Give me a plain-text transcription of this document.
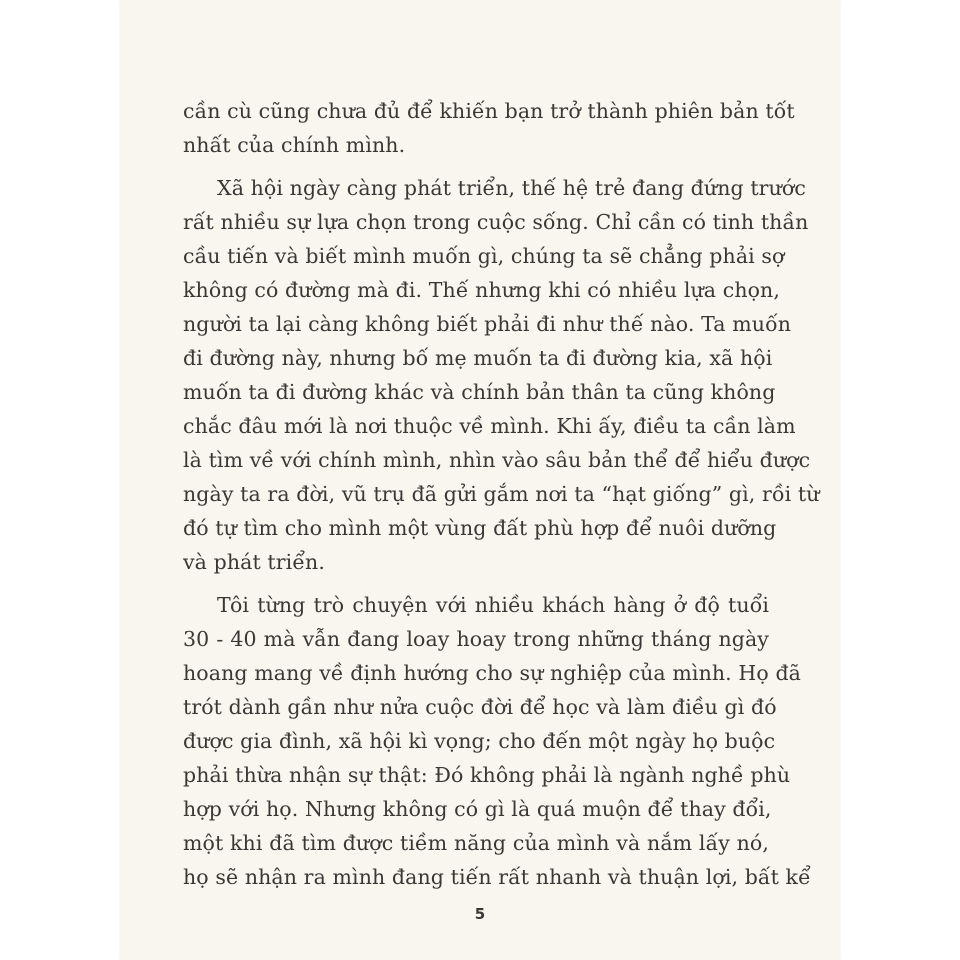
cần cù cũng chưa đủ để khiến bạn trở thành phiên bản tốt
nhất của chính mình.
Xã hội ngày càng phát triển, thế hệ trẻ đang đứng trước
rất nhiều sự lựa chọn trong cuộc sống. Chỉ cần có tinh thần
cầu tiến và biết mình muốn gì, chúng ta sẽ chẳng phải sợ
không có đường mà đi. Thế nhưng khi có nhiều lựa chọn,
người ta lại càng không biết phải đi như thế nào. Ta muốn
đi đường này, nhưng bố mẹ muốn ta đi đường kia, xã hội
muốn ta đi đường khác và chính bản thân ta cũng không
chắc đâu mới là nơi thuộc về mình. Khi ấy, điều ta cần làm
là tìm về với chính mình, nhìn vào sâu bản thể để hiểu được
ngày ta ra đời, vũ trụ đã gửi gắm nơi ta “hạt giống” gì, rồi từ
đó tự tìm cho mình một vùng đất phù hợp để nuôi dưỡng
và phát triển.
Tôi từng trò chuyện với nhiều khách hàng ở độ tuổi
30 - 40 mà vẫn đang loay hoay trong những tháng ngày
hoang mang về định hướng cho sự nghiệp của mình. Họ đã
trót dành gần như nửa cuộc đời để học và làm điều gì đó
được gia đình, xã hội kì vọng; cho đến một ngày họ buộc
phải thừa nhận sự thật: Đó không phải là ngành nghề phù
hợp với họ. Nhưng không có gì là quá muộn để thay đổi,
một khi đã tìm được tiềm năng của mình và nắm lấy nó,
họ sẽ nhận ra mình đang tiến rất nhanh và thuận lợi, bất kể
5
